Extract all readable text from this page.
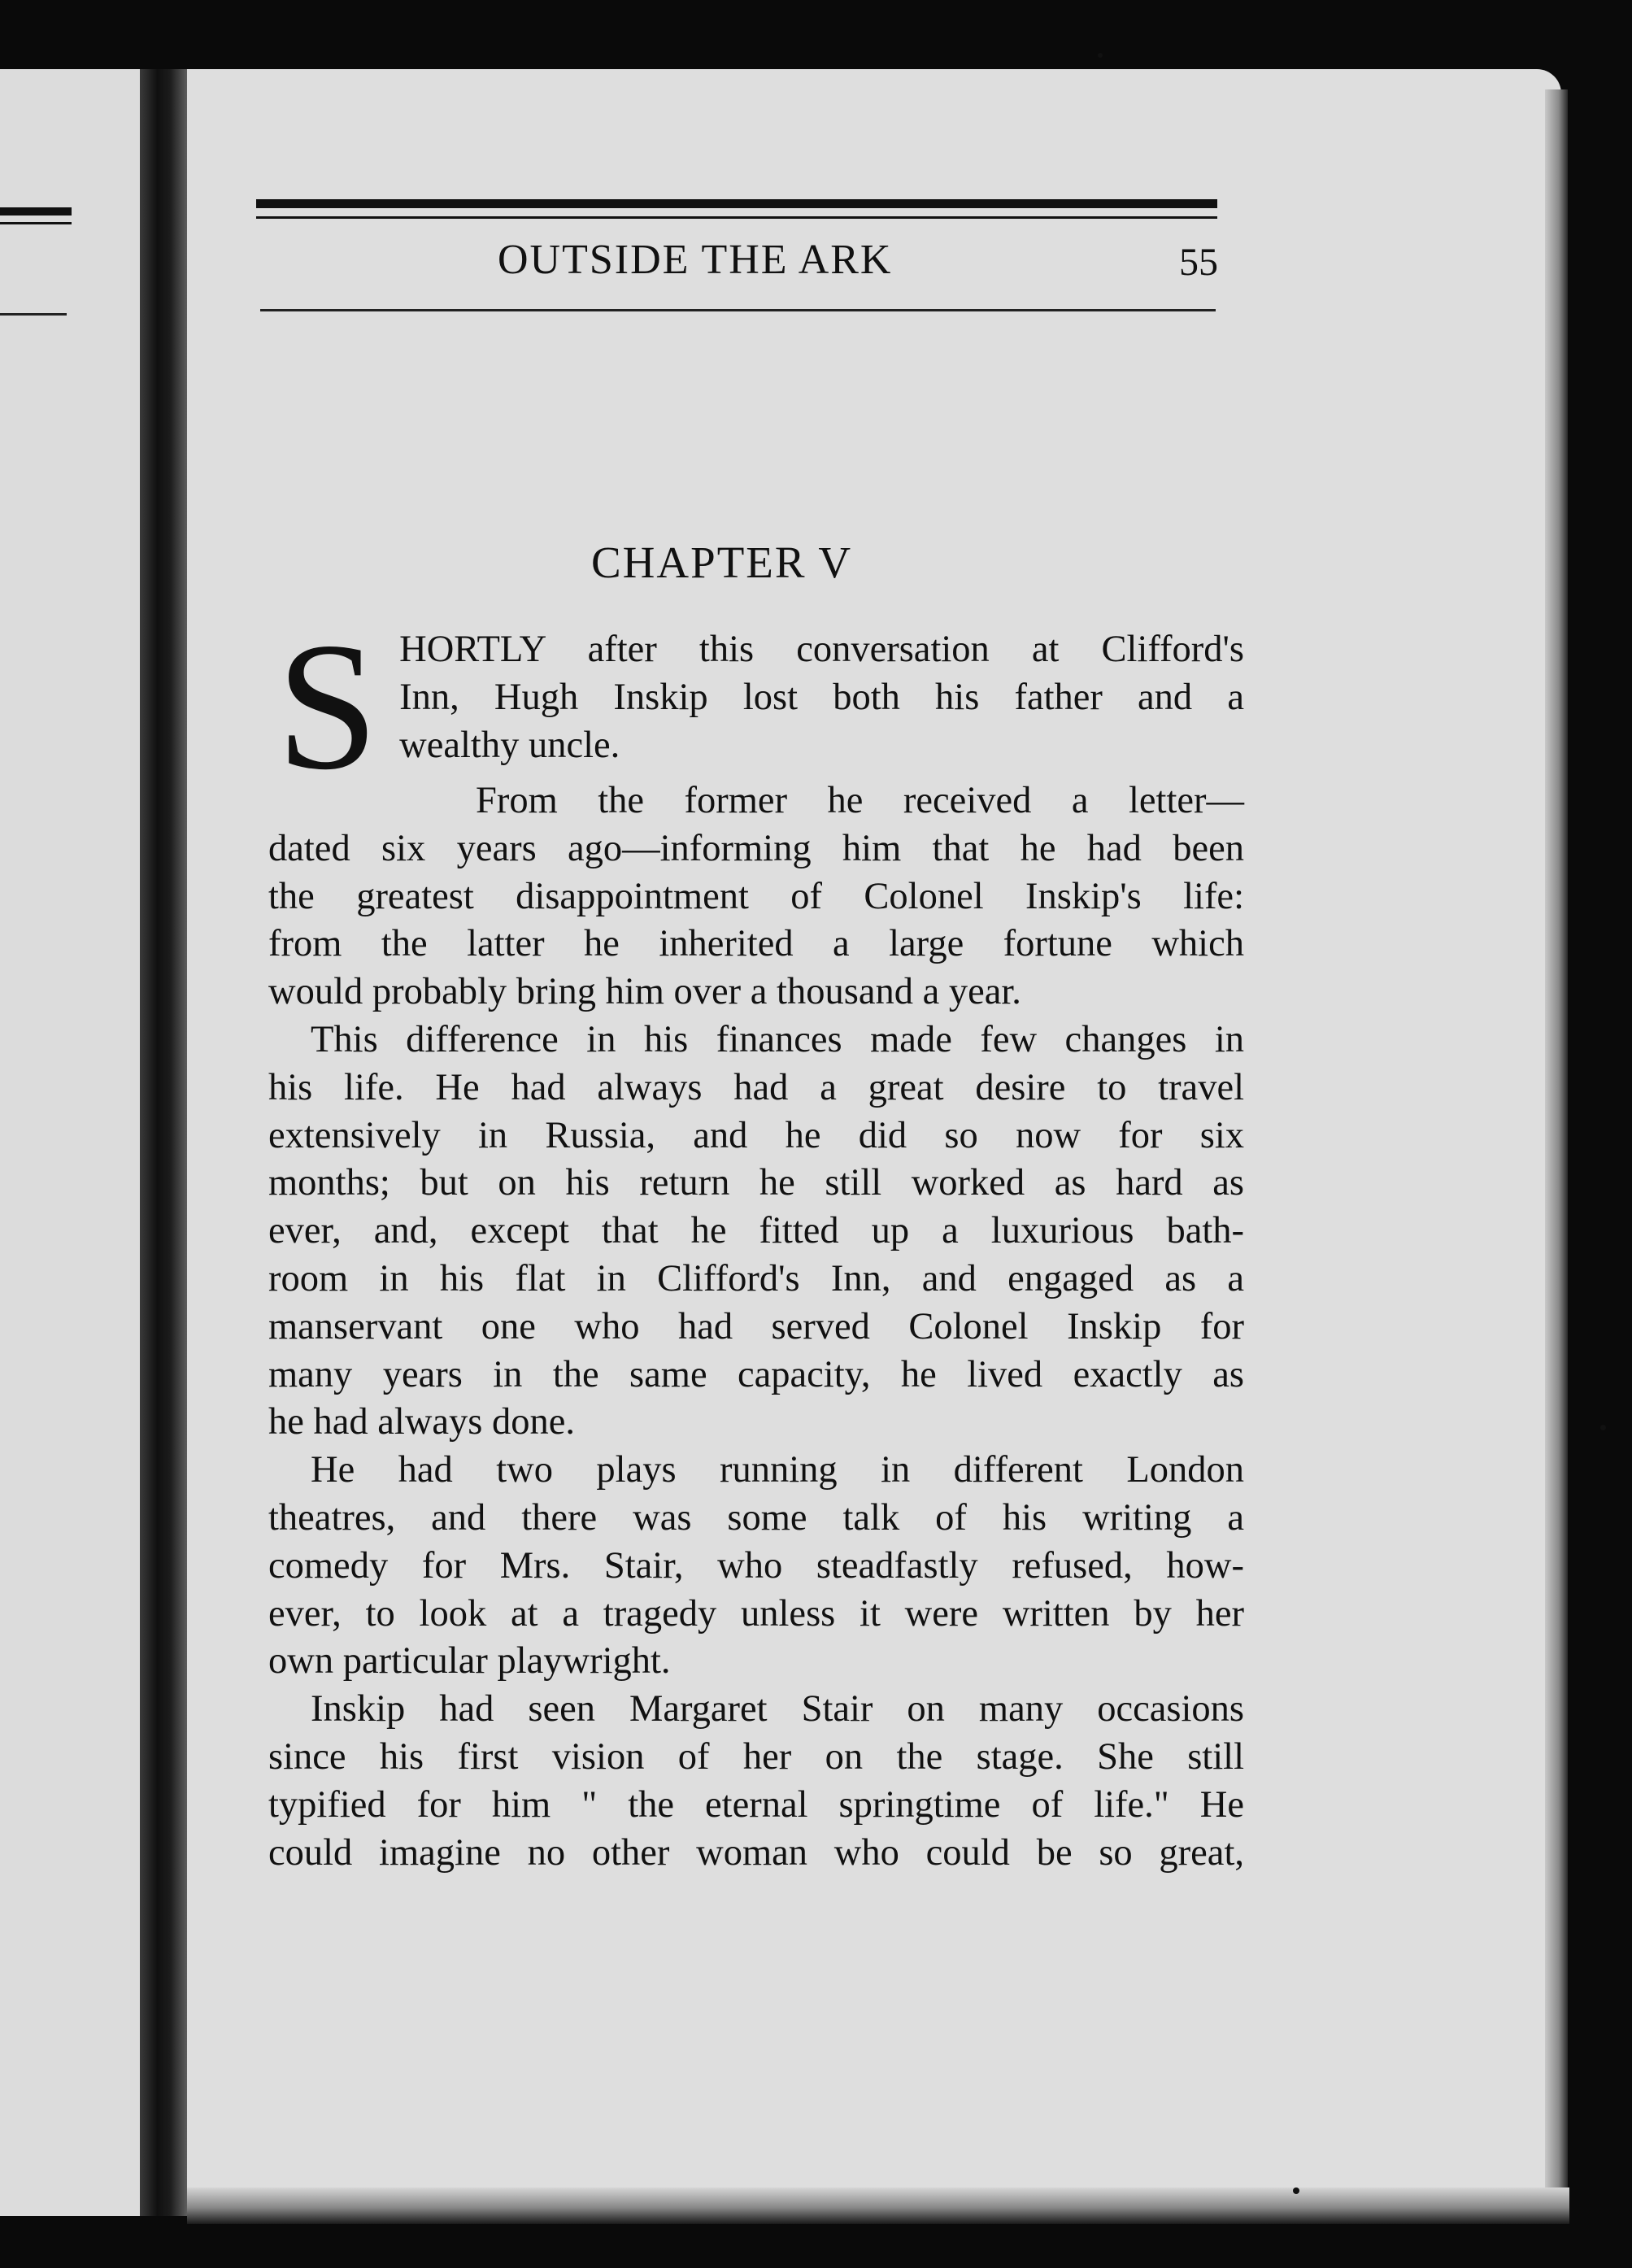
OUTSIDE THE ARK	55
CHAPTER V
S HORTLY after this conversation at Clifford's
Inn, Hugh Inskip lost both his father and a
wealthy uncle.
From the former he received a letter—
dated six years ago—informing him that he had been
the greatest disappointment of Colonel Inskip's life:
from the latter he inherited a large fortune which
would probably bring him over a thousand a year.
This difference in his finances made few changes in
his life. He had always had a great desire to travel
extensively in Russia, and he did so now for six
months; but on his return he still worked as hard as
ever, and, except that he fitted up a luxurious bath-
room in his flat in Clifford's Inn, and engaged as a
manservant one who had served Colonel Inskip for
many years in the same capacity, he lived exactly as
he had always done.
He had two plays running in different London
theatres, and there was some talk of his writing a
comedy for Mrs. Stair, who steadfastly refused, how-
ever, to look at a tragedy unless it were written by her
own particular playwright.
Inskip had seen Margaret Stair on many occasions
since his first vision of her on the stage. She still
typified for him " the eternal springtime of life." He
could imagine no other woman who could be so great,
